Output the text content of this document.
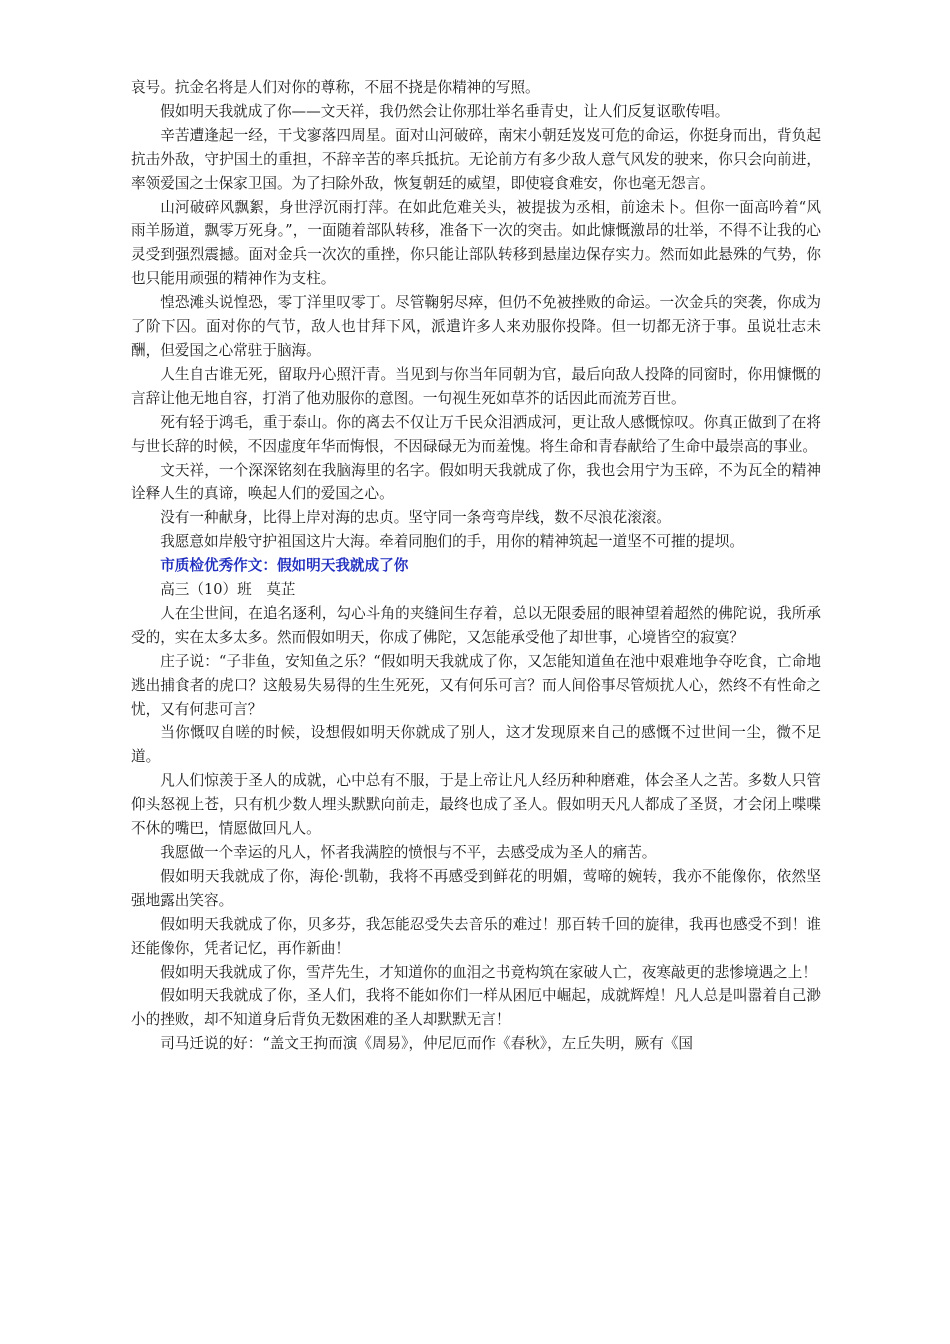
哀号。抗金名将是人们对你的尊称，不屈不挠是你精神的写照。

假如明天我就成了你——文天祥，我仍然会让你那壮举名垂青史，让人们反复讴歌传唱。

辛苦遭逢起一经，干戈寥落四周星。面对山河破碎，南宋小朝廷岌岌可危的命运，你挺身而出，背负起抗击外敌，守护国土的重担，不辞辛苦的率兵抵抗。无论前方有多少敌人意气风发的驶来，你只会向前进，率领爱国之士保家卫国。为了扫除外敌，恢复朝廷的威望，即使寝食难安，你也毫无怨言。

山河破碎风飘絮，身世浮沉雨打萍。在如此危难关头，被提拔为丞相，前途未卜。但你一面高吟着“风雨羊肠道，飘零万死身。”，一面随着部队转移，准备下一次的突击。如此慷慨激昂的壮举，不得不让我的心灵受到强烈震撼。面对金兵一次次的重挫，你只能让部队转移到悬崖边保存实力。然而如此悬殊的气势，你也只能用顽强的精神作为支柱。

惶恐滩头说惶恐，零丁洋里叹零丁。尽管鞠躬尽瘁，但仍不免被挫败的命运。一次金兵的突袭，你成为了阶下囚。面对你的气节，敌人也甘拜下风，派遣许多人来劝服你投降。但一切都无济于事。虽说壮志未酬，但爱国之心常驻于脑海。

人生自古谁无死，留取丹心照汗青。当见到与你当年同朝为官，最后向敌人投降的同窗时，你用慷慨的言辞让他无地自容，打消了他劝服你的意图。一句视生死如草芥的话因此而流芳百世。

死有轻于鸿毛，重于泰山。你的离去不仅让万千民众泪洒成河，更让敌人感慨惊叹。你真正做到了在将与世长辞的时候，不因虚度年华而悔恨，不因碌碌无为而羞愧。将生命和青春献给了生命中最崇高的事业。

文天祥，一个深深铭刻在我脑海里的名字。假如明天我就成了你，我也会用宁为玉碎，不为瓦全的精神诠释人生的真谛，唤起人们的爱国之心。

没有一种献身，比得上岸对海的忠贞。坚守同一条弯弯岸线，数不尽浪花滚滚。

我愿意如岸般守护祖国这片大海。牵着同胞们的手，用你的精神筑起一道坚不可摧的提坝。

市质检优秀作文：假如明天我就成了你

高三（10）班　莫芷

人在尘世间，在追名逐利，勾心斗角的夹缝间生存着，总以无限委屈的眼神望着超然的佛陀说，我所承受的，实在太多太多。然而假如明天，你成了佛陀，又怎能承受他了却世事，心境皆空的寂寞？

庄子说：“子非鱼，安知鱼之乐？“假如明天我就成了你，又怎能知道鱼在池中艰难地争夺吃食，亡命地逃出捕食者的虎口？这般易失易得的生生死死，又有何乐可言？而人间俗事尽管烦扰人心，然终不有性命之忧，又有何悲可言？

当你慨叹自嗟的时候，设想假如明天你就成了别人，这才发现原来自己的感慨不过世间一尘，微不足道。

凡人们惊羡于圣人的成就，心中总有不服，于是上帝让凡人经历种种磨难，体会圣人之苦。多数人只管仰头怒视上苍，只有机少数人埋头默默向前走，最终也成了圣人。假如明天凡人都成了圣贤，才会闭上喋喋不休的嘴巴，情愿做回凡人。

我愿做一个幸运的凡人，怀者我满腔的愤恨与不平，去感受成为圣人的痛苦。

假如明天我就成了你，海伦·凯勒，我将不再感受到鲜花的明媚，莺啼的婉转，我亦不能像你，依然坚强地露出笑容。

假如明天我就成了你，贝多芬，我怎能忍受失去音乐的难过！那百转千回的旋律，我再也感受不到！谁还能像你，凭者记忆，再作新曲！

假如明天我就成了你，雪芹先生，才知道你的血泪之书竟构筑在家破人亡，夜寒敲更的悲惨境遇之上！

假如明天我就成了你，圣人们，我将不能如你们一样从困厄中崛起，成就辉煌！凡人总是叫嚣着自己渺小的挫败，却不知道身后背负无数困难的圣人却默默无言！

司马迁说的好：“盖文王拘而演《周易》，仲尼厄而作《春秋》，左丘失明，厥有《国
